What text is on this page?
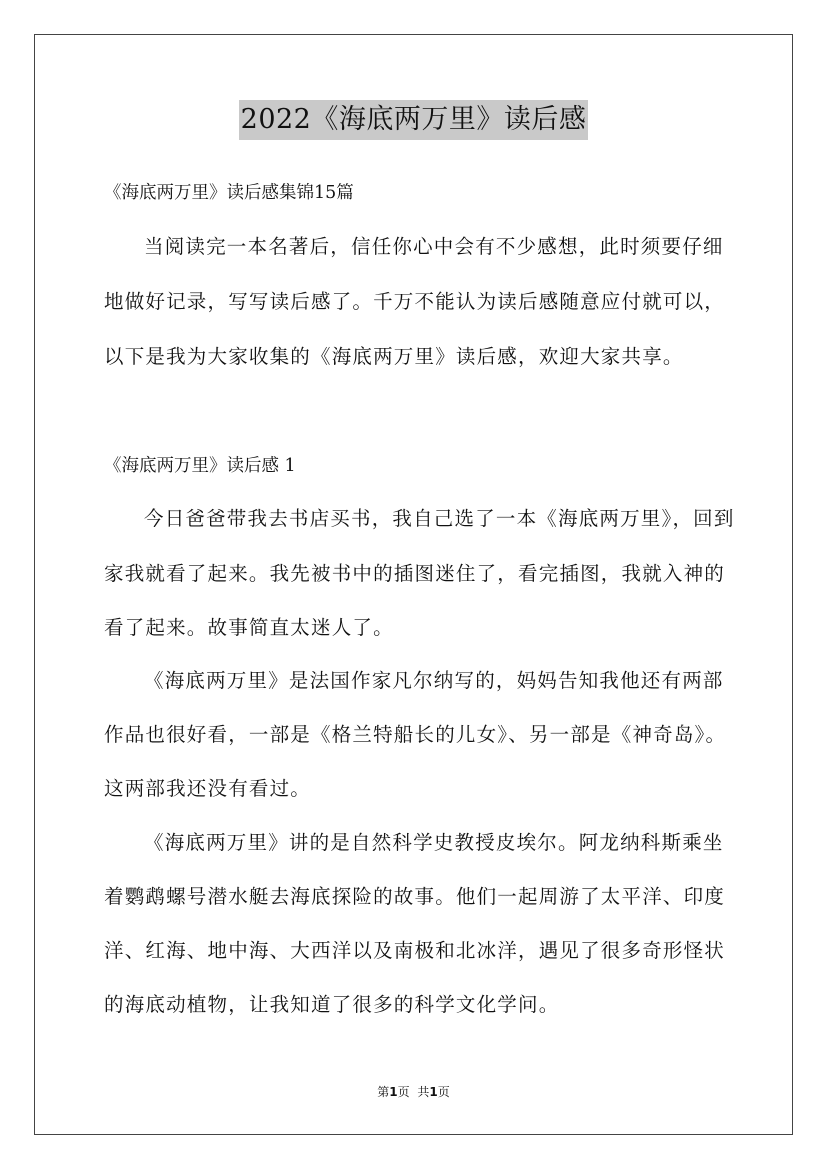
2022《海底两万里》读后感
《海底两万里》读后感集锦15篇
当阅读完一本名著后，信任你心中会有不少感想，此时须要仔细
地做好记录，写写读后感了。千万不能认为读后感随意应付就可以，
以下是我为大家收集的《海底两万里》读后感，欢迎大家共享。
《海底两万里》读后感 1
今日爸爸带我去书店买书，我自己选了一本《海底两万里》，回到
家我就看了起来。我先被书中的插图迷住了，看完插图，我就入神的
看了起来。故事简直太迷人了。
《海底两万里》是法国作家凡尔纳写的，妈妈告知我他还有两部
作品也很好看，一部是《格兰特船长的儿女》、另一部是《神奇岛》。
这两部我还没有看过。
《海底两万里》讲的是自然科学史教授皮埃尔。阿龙纳科斯乘坐
着鹦鹉螺号潜水艇去海底探险的故事。他们一起周游了太平洋、印度
洋、红海、地中海、大西洋以及南极和北冰洋，遇见了很多奇形怪状
的海底动植物，让我知道了很多的科学文化学问。
第1页 共1页
